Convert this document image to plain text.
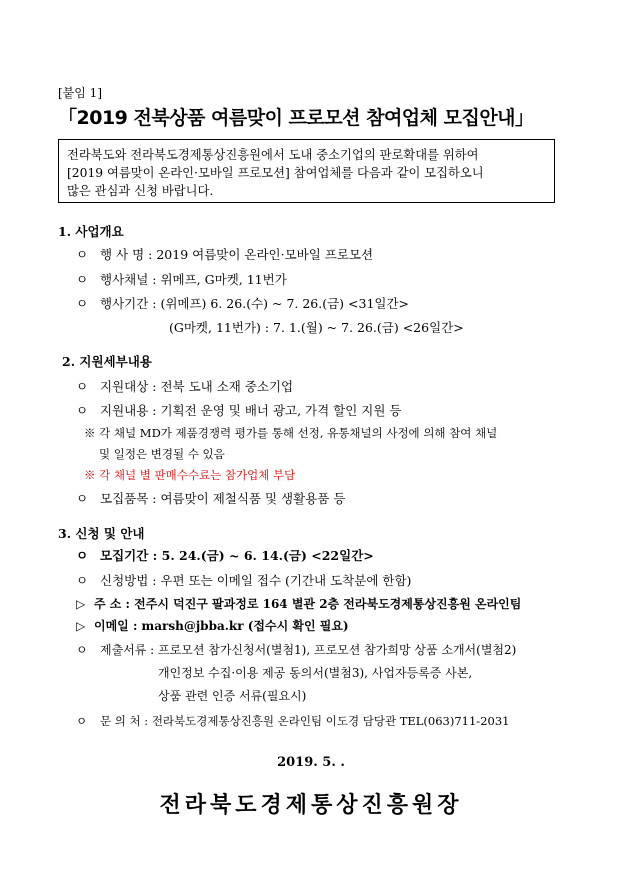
[붙임 1]
「2019 전북상품 여름맞이 프로모션 참여업체 모집안내」
전라북도와 전라북도경제통상진흥원에서 도내 중소기업의 판로확대를 위하여
[2019 여름맞이 온라인·모바일 프로모션] 참여업체를 다음과 같이 모집하오니
많은 관심과 신청 바랍니다.
1. 사업개요
ㅇ 행 사 명 : 2019 여름맞이 온라인·모바일 프로모션
ㅇ 행사채널 : 위메프, G마켓, 11번가
ㅇ 행사기간 : (위메프) 6. 26.(수) ~ 7. 26.(금) <31일간>
(G마켓, 11번가) : 7. 1.(월) ~ 7. 26.(금) <26일간>
2. 지원세부내용
ㅇ 지원대상 : 전북 도내 소재 중소기업
ㅇ 지원내용 : 기획전 운영 및 배너 광고, 가격 할인 지원 등
※ 각 채널 MD가 제품경쟁력 평가를 통해 선정, 유통채널의 사정에 의해 참여 채널
및 일정은 변경될 수 있음
※ 각 채널 별 판매수수료는 참가업체 부담
ㅇ 모집품목 : 여름맞이 제철식품 및 생활용품 등
3. 신청 및 안내
ㅇ 모집기간 : 5. 24.(금) ~ 6. 14.(금) <22일간>
ㅇ 신청방법 : 우편 또는 이메일 접수 (기간내 도착분에 한함)
▷ 주 소 : 전주시 덕진구 팔과정로 164 별관 2층 전라북도경제통상진흥원 온라인팀
▷ 이메일 : marsh@jbba.kr (접수시 확인 필요)
ㅇ 제출서류 : 프로모션 참가신청서(별첨1), 프로모션 참가희망 상품 소개서(별첨2)
개인정보 수집·이용 제공 동의서(별첨3), 사업자등록증 사본,
상품 관련 인증 서류(필요시)
ㅇ 문 의 처 : 전라북도경제통상진흥원 온라인팀 이도경 담당관 TEL(063)711-2031
2019. 5. .
전라북도경제통상진흥원장
